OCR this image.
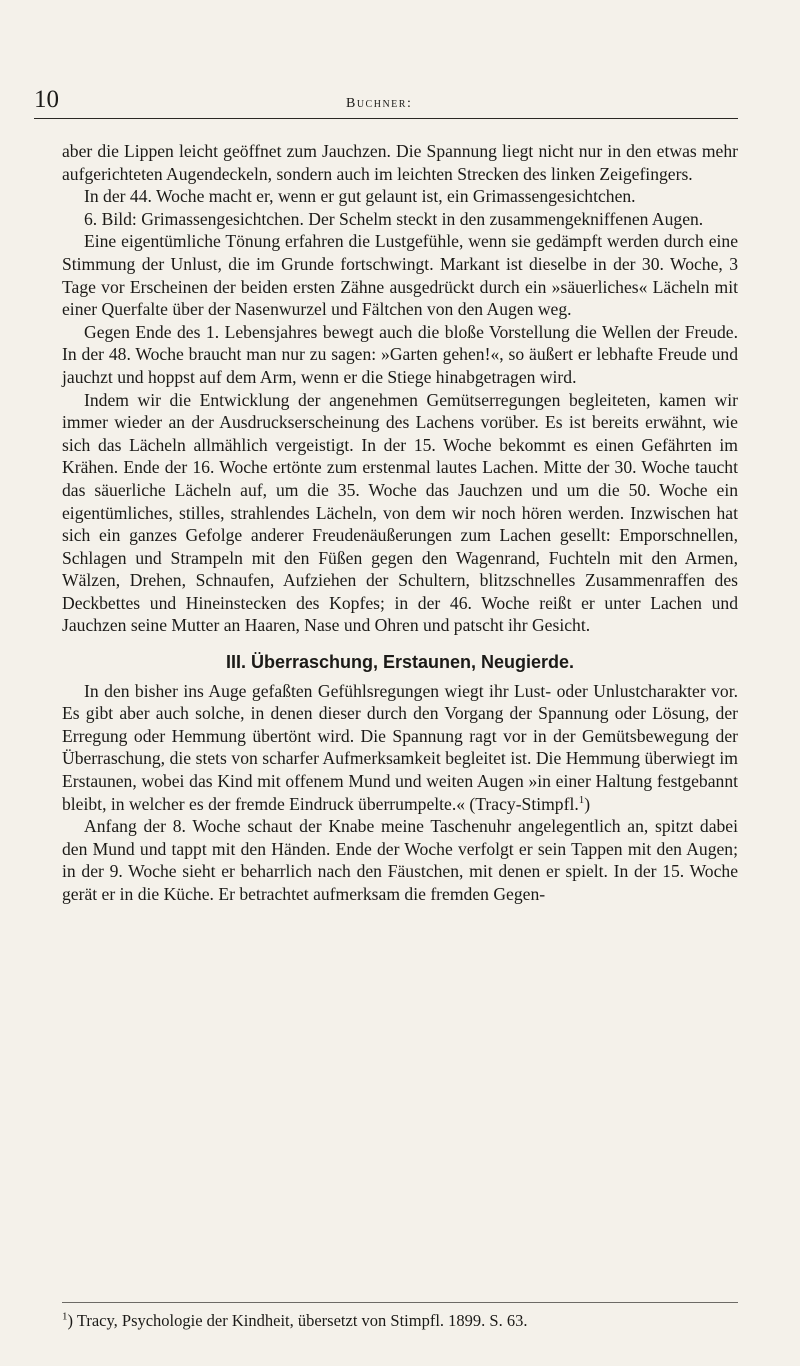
10	Buchner:

aber die Lippen leicht geöffnet zum Jauchzen. Die Spannung liegt nicht nur in den etwas mehr aufgerichteten Augendeckeln, sondern auch im leichten Strecken des linken Zeigefingers.

In der 44. Woche macht er, wenn er gut gelaunt ist, ein Grimassengesichtchen.

6. Bild: Grimassengesichtchen. Der Schelm steckt in den zusammengekniffenen Augen.

Eine eigentümliche Tönung erfahren die Lustgefühle, wenn sie gedämpft werden durch eine Stimmung der Unlust, die im Grunde fortschwingt. Markant ist dieselbe in der 30. Woche, 3 Tage vor Erscheinen der beiden ersten Zähne ausgedrückt durch ein »säuerliches« Lächeln mit einer Querfalte über der Nasenwurzel und Fältchen von den Augen weg.

Gegen Ende des 1. Lebensjahres bewegt auch die bloße Vorstellung die Wellen der Freude. In der 48. Woche braucht man nur zu sagen: »Garten gehen!«, so äußert er lebhafte Freude und jauchzt und hoppst auf dem Arm, wenn er die Stiege hinabgetragen wird.

Indem wir die Entwicklung der angenehmen Gemütserregungen begleiteten, kamen wir immer wieder an der Ausdruckserscheinung des Lachens vorüber. Es ist bereits erwähnt, wie sich das Lächeln allmählich vergeistigt. In der 15. Woche bekommt es einen Gefährten im Krähen. Ende der 16. Woche ertönte zum erstenmal lautes Lachen. Mitte der 30. Woche taucht das säuerliche Lächeln auf, um die 35. Woche das Jauchzen und um die 50. Woche ein eigentümliches, stilles, strahlendes Lächeln, von dem wir noch hören werden. Inzwischen hat sich ein ganzes Gefolge anderer Freudenäußerungen zum Lachen gesellt: Emporschnellen, Schlagen und Strampeln mit den Füßen gegen den Wagenrand, Fuchteln mit den Armen, Wälzen, Drehen, Schnaufen, Aufziehen der Schultern, blitzschnelles Zusammenraffen des Deckbettes und Hineinstecken des Kopfes; in der 46. Woche reißt er unter Lachen und Jauchzen seine Mutter an Haaren, Nase und Ohren und patscht ihr Gesicht.

III. Überraschung, Erstaunen, Neugierde.

In den bisher ins Auge gefaßten Gefühlsregungen wiegt ihr Lust- oder Unlustcharakter vor. Es gibt aber auch solche, in denen dieser durch den Vorgang der Spannung oder Lösung, der Erregung oder Hemmung übertönt wird. Die Spannung ragt vor in der Gemütsbewegung der Überraschung, die stets von scharfer Aufmerksamkeit begleitet ist. Die Hemmung überwiegt im Erstaunen, wobei das Kind mit offenem Mund und weiten Augen »in einer Haltung festgebannt bleibt, in welcher es der fremde Eindruck überrumpelte.« (Tracy-Stimpfl.$^1$)

Anfang der 8. Woche schaut der Knabe meine Taschenuhr angelegentlich an, spitzt dabei den Mund und tappt mit den Händen. Ende der Woche verfolgt er sein Tappen mit den Augen; in der 9. Woche sieht er beharrlich nach den Fäustchen, mit denen er spielt. In der 15. Woche gerät er in die Küche. Er betrachtet aufmerksam die fremden Gegen-

$^1$) Tracy, Psychologie der Kindheit, übersetzt von Stimpfl. 1899. S. 63.
